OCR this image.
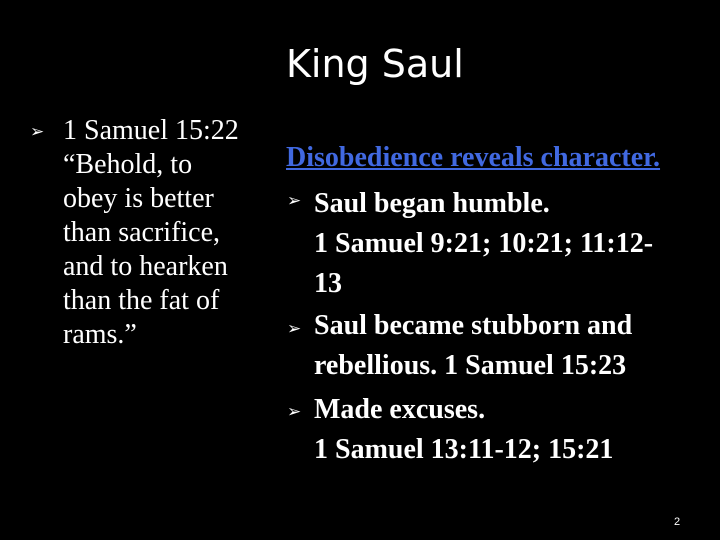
King Saul
➢ 1 Samuel 15:22
“Behold, to
obey is better
than sacrifice,
and to hearken
than the fat of
rams.”
Disobedience reveals character.
➢ Saul began humble.
1 Samuel 9:21; 10:21; 11:12-
13
➢ Saul became stubborn and
rebellious. 1 Samuel 15:23
➢ Made excuses.
1 Samuel 13:11-12; 15:21
2
